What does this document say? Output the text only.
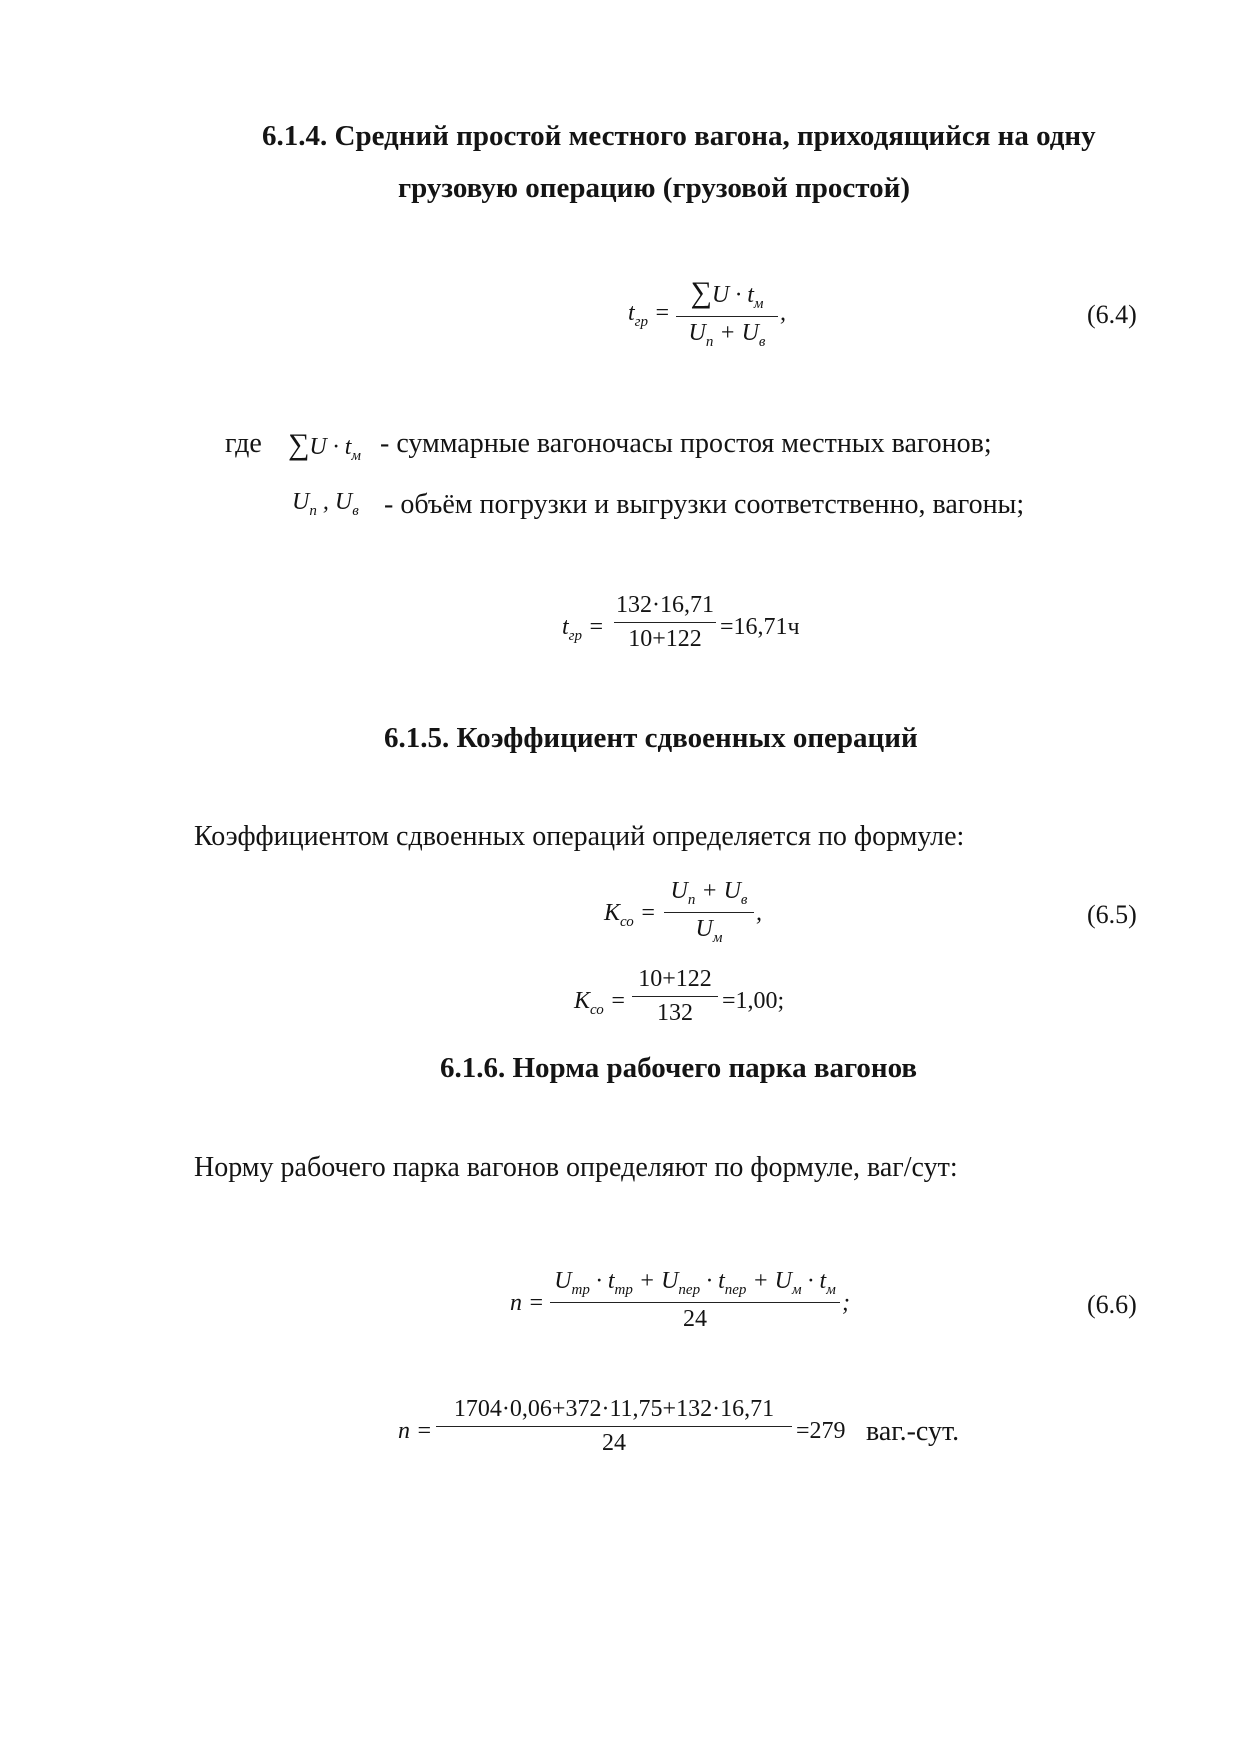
6.1.4. Средний простой местного вагона, приходящийся на одну
грузовую операцию (грузовой простой)
$t_{гр}$ =
$\sum U \cdot t_м$
$U_п + U_в$
,	(6.4)
где $\sum U \cdot t_м$ - суммарные вагоночасы простоя местных вагонов;
$U_п$ , $U_в$ - объём погрузки и выгрузки соответственно, вагоны;
$t_{гр}$ =
132·16,71
10+122 =16,71ч
6.1.5. Коэффициент сдвоенных операций
Коэффициентом сдвоенных операций определяется по формуле:
$K_{со}$ =
$U_п + U_в$
$U_м$
,	(6.5)
$K_{со}$ =
10+122
132	=1,00;
6.1.6. Норма рабочего парка вагонов
Норму рабочего парка вагонов определяют по формуле, ваг/сут:
n =
$U_{тр} \cdot t_{тр} + U_{пер} \cdot t_{пер} + U_м \cdot t_м$
24
;	(6.6)
n =
1704·0,06+372·11,75+132·16,71
24	=279 ваг.-сут.
